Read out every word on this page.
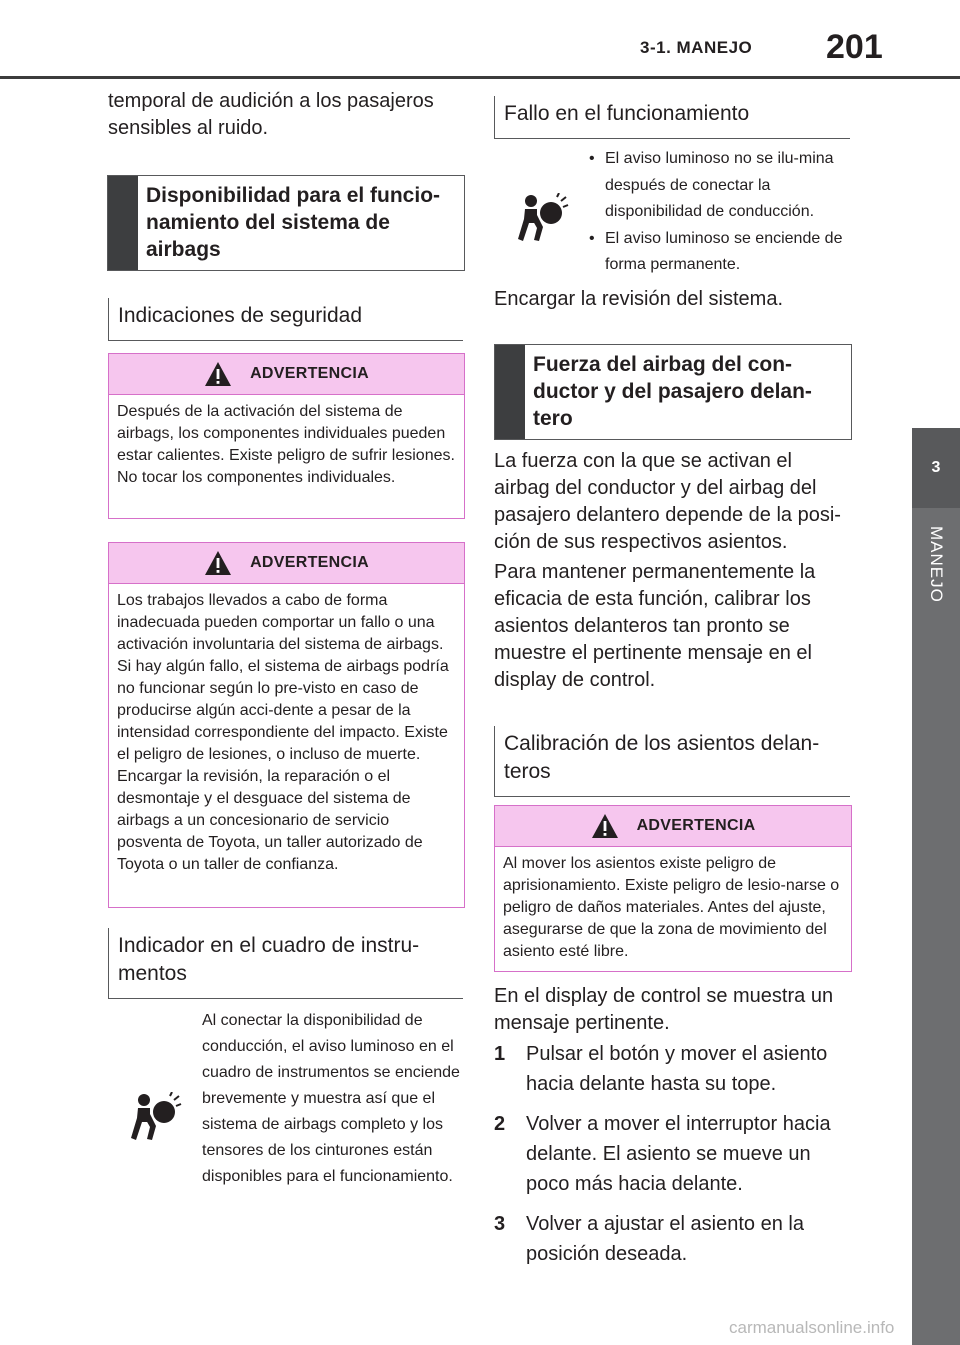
3-1. MANEJO 201
3
MANEJO
temporal de audición a los pasajeros sensibles al ruido.
Disponibilidad para el funcio-namiento del sistema de airbags
Indicaciones de seguridad
ADVERTENCIA
Después de la activación del sistema de airbags, los componentes individuales pueden estar calientes. Existe peligro de sufrir lesiones. No tocar los componentes individuales.
ADVERTENCIA
Los trabajos llevados a cabo de forma inadecuada pueden comportar un fallo o una activación involuntaria del sistema de airbags. Si hay algún fallo, el sistema de airbags podría no funcionar según lo pre-visto en caso de producirse algún acci-dente a pesar de la intensidad correspondiente del impacto. Existe el peligro de lesiones, o incluso de muerte. Encargar la revisión, la reparación o el desmontaje y el desguace del sistema de airbags a un concesionario de servicio posventa de Toyota, un taller autorizado de Toyota o un taller de confianza.
Indicador en el cuadro de instru-mentos
Al conectar la disponibilidad de conducción, el aviso luminoso en el cuadro de instrumentos se enciende brevemente y muestra así que el sistema de airbags completo y los tensores de los cinturones están disponibles para el funcionamiento.
Fallo en el funcionamiento
• El aviso luminoso no se ilu-mina después de conectar la disponibilidad de conducción.
• El aviso luminoso se enciende de forma permanente.
Encargar la revisión del sistema.
Fuerza del airbag del con-ductor y del pasajero delan-tero
La fuerza con la que se activan el airbag del conductor y del airbag del pasajero delantero depende de la posi-ción de sus respectivos asientos.
Para mantener permanentemente la eficacia de esta función, calibrar los asientos delanteros tan pronto se muestre el pertinente mensaje en el display de control.
Calibración de los asientos delan-teros
ADVERTENCIA
Al mover los asientos existe peligro de aprisionamiento. Existe peligro de lesio-narse o peligro de daños materiales. Antes del ajuste, asegurarse de que la zona de movimiento del asiento esté libre.
En el display de control se muestra un mensaje pertinente.
1	Pulsar el botón y mover el asiento hacia delante hasta su tope.
2	Volver a mover el interruptor hacia delante. El asiento se mueve un poco más hacia delante.
3	Volver a ajustar el asiento en la posición deseada.
carmanualsonline.info
